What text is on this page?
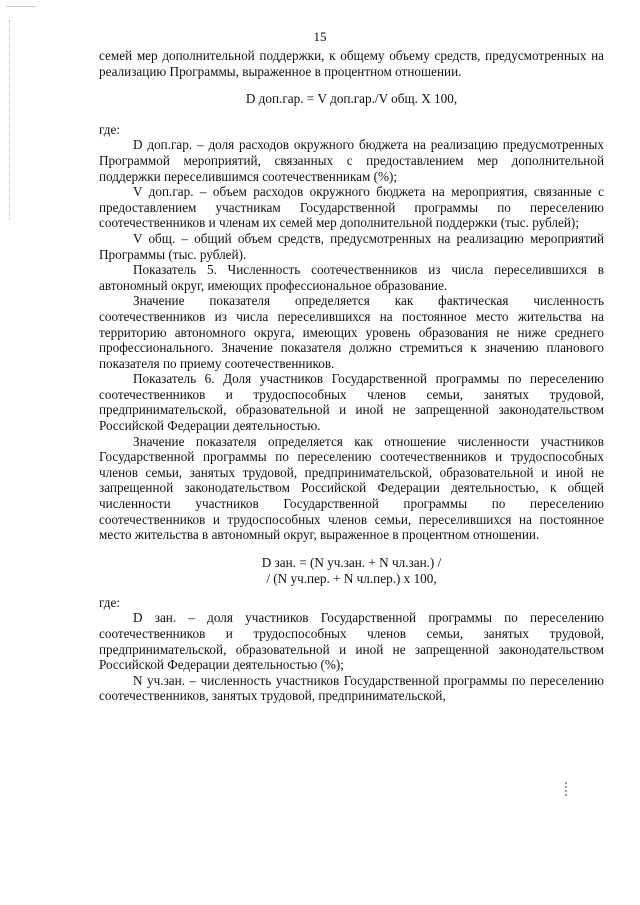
15

семей мер дополнительной поддержки, к общему объему средств, предусмотренных на реализацию Программы, выраженное в процентном отношении.

D доп.гар. = V доп.гар./V общ. X 100,

где:

D доп.гар. – доля расходов окружного бюджета на реализацию предусмотренных Программой мероприятий, связанных с предоставлением мер дополнительной поддержки переселившимся соотечественникам (%);

V доп.гар. – объем расходов окружного бюджета на мероприятия, связанные с предоставлением участникам Государственной программы по переселению соотечественников и членам их семей мер дополнительной поддержки (тыс. рублей);

V общ. – общий объем средств, предусмотренных на реализацию мероприятий Программы (тыс. рублей).

Показатель 5. Численность соотечественников из числа переселившихся в автономный округ, имеющих профессиональное образование.

Значение показателя определяется как фактическая численность соотечественников из числа переселившихся на постоянное место жительства на территорию автономного округа, имеющих уровень образования не ниже среднего профессионального. Значение показателя должно стремиться к значению планового показателя по приему соотечественников.

Показатель 6. Доля участников Государственной программы по переселению соотечественников и трудоспособных членов семьи, занятых трудовой, предпринимательской, образовательной и иной не запрещенной законодательством Российской Федерации деятельностью.

Значение показателя определяется как отношение численности участников Государственной программы по переселению соотечественников и трудоспособных членов семьи, занятых трудовой, предпринимательской, образовательной и иной не запрещенной законодательством Российской Федерации деятельностью, к общей численности участников Государственной программы по переселению соотечественников и трудоспособных членов семьи, переселившихся на постоянное место жительства в автономный округ, выраженное в процентном отношении.

D зан. = (N уч.зан. + N чл.зан.) /
/ (N уч.пер. + N чл.пер.) х 100,

где:

D зан. – доля участников Государственной программы по переселению соотечественников и трудоспособных членов семьи, занятых трудовой, предпринимательской, образовательной и иной не запрещенной законодательством Российской Федерации деятельностью (%);

N уч.зан. – численность участников Государственной программы по переселению соотечественников, занятых трудовой, предпринимательской,
